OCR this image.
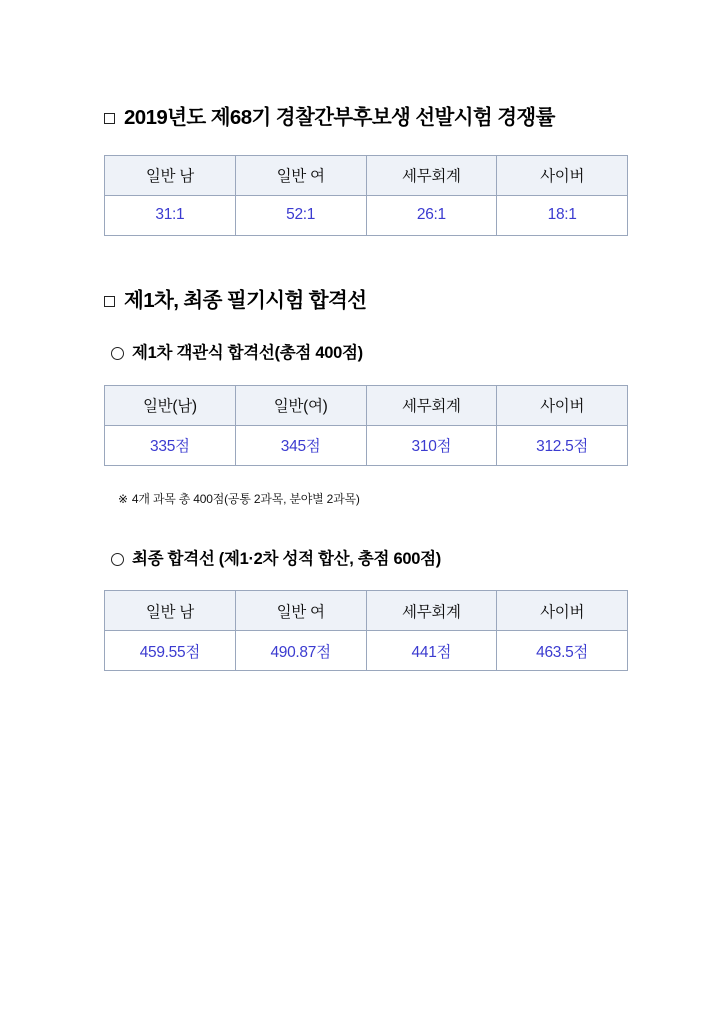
2019년도 제68기 경찰간부후보생 선발시험 경쟁률
일반 남	일반 여	세무회계	사이버
31:1	52:1	26:1	18:1
제1차, 최종 필기시험 합격선
제1차 객관식 합격선(총점 400점)
일반(남)	일반(여)	세무회계	사이버
335점	345점	310점	312.5점
※ 4개 과목 총 400점(공통 2과목, 분야별 2과목)
최종 합격선 (제1·2차 성적 합산, 총점 600점)
일반 남	일반 여	세무회계	사이버
459.55점	490.87점	441점	463.5점
